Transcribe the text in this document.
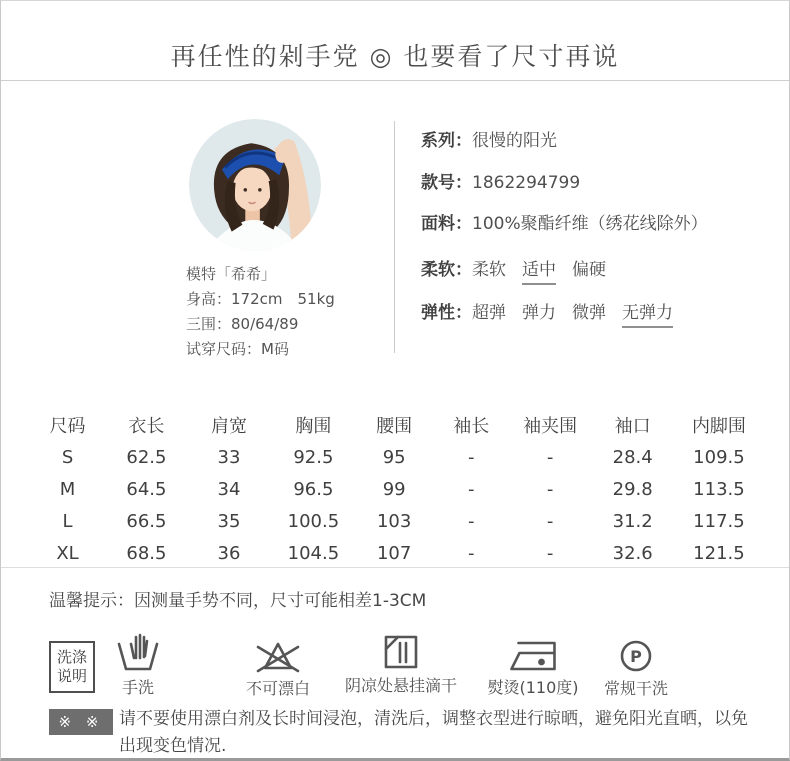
再任性的剁手党 ◎ 也要看了尺寸再说
模特「希希」
身高：172cm　51kg
三围：80/64/89
试穿尺码：M码
系列：很慢的阳光
款号：1862294799
面料：100%聚酯纤维（绣花线除外）
柔软：柔软 适中 偏硬
弹性：超弹 弹力 微弹 无弹力
尺码	衣长	肩宽	胸围	腰围	袖长	袖夹围	袖口	内脚围
S	62.5	33	92.5	95	-	-	28.4	109.5
M	64.5	34	96.5	99	-	-	29.8	113.5
L	66.5	35	100.5	103	-	-	31.2	117.5
XL	68.5	36	104.5	107	-	-	32.6	121.5
温馨提示：因测量手势不同，尺寸可能相差1-3CM
洗涤
说明
手洗	不可漂白 阴凉处悬挂滴干 熨烫(110度)
P
常规干洗
※ ※ 请不要使用漂白剂及长时间浸泡，清洗后，调整衣型进行晾晒，避免阳光直晒，以免出现变色情况.
